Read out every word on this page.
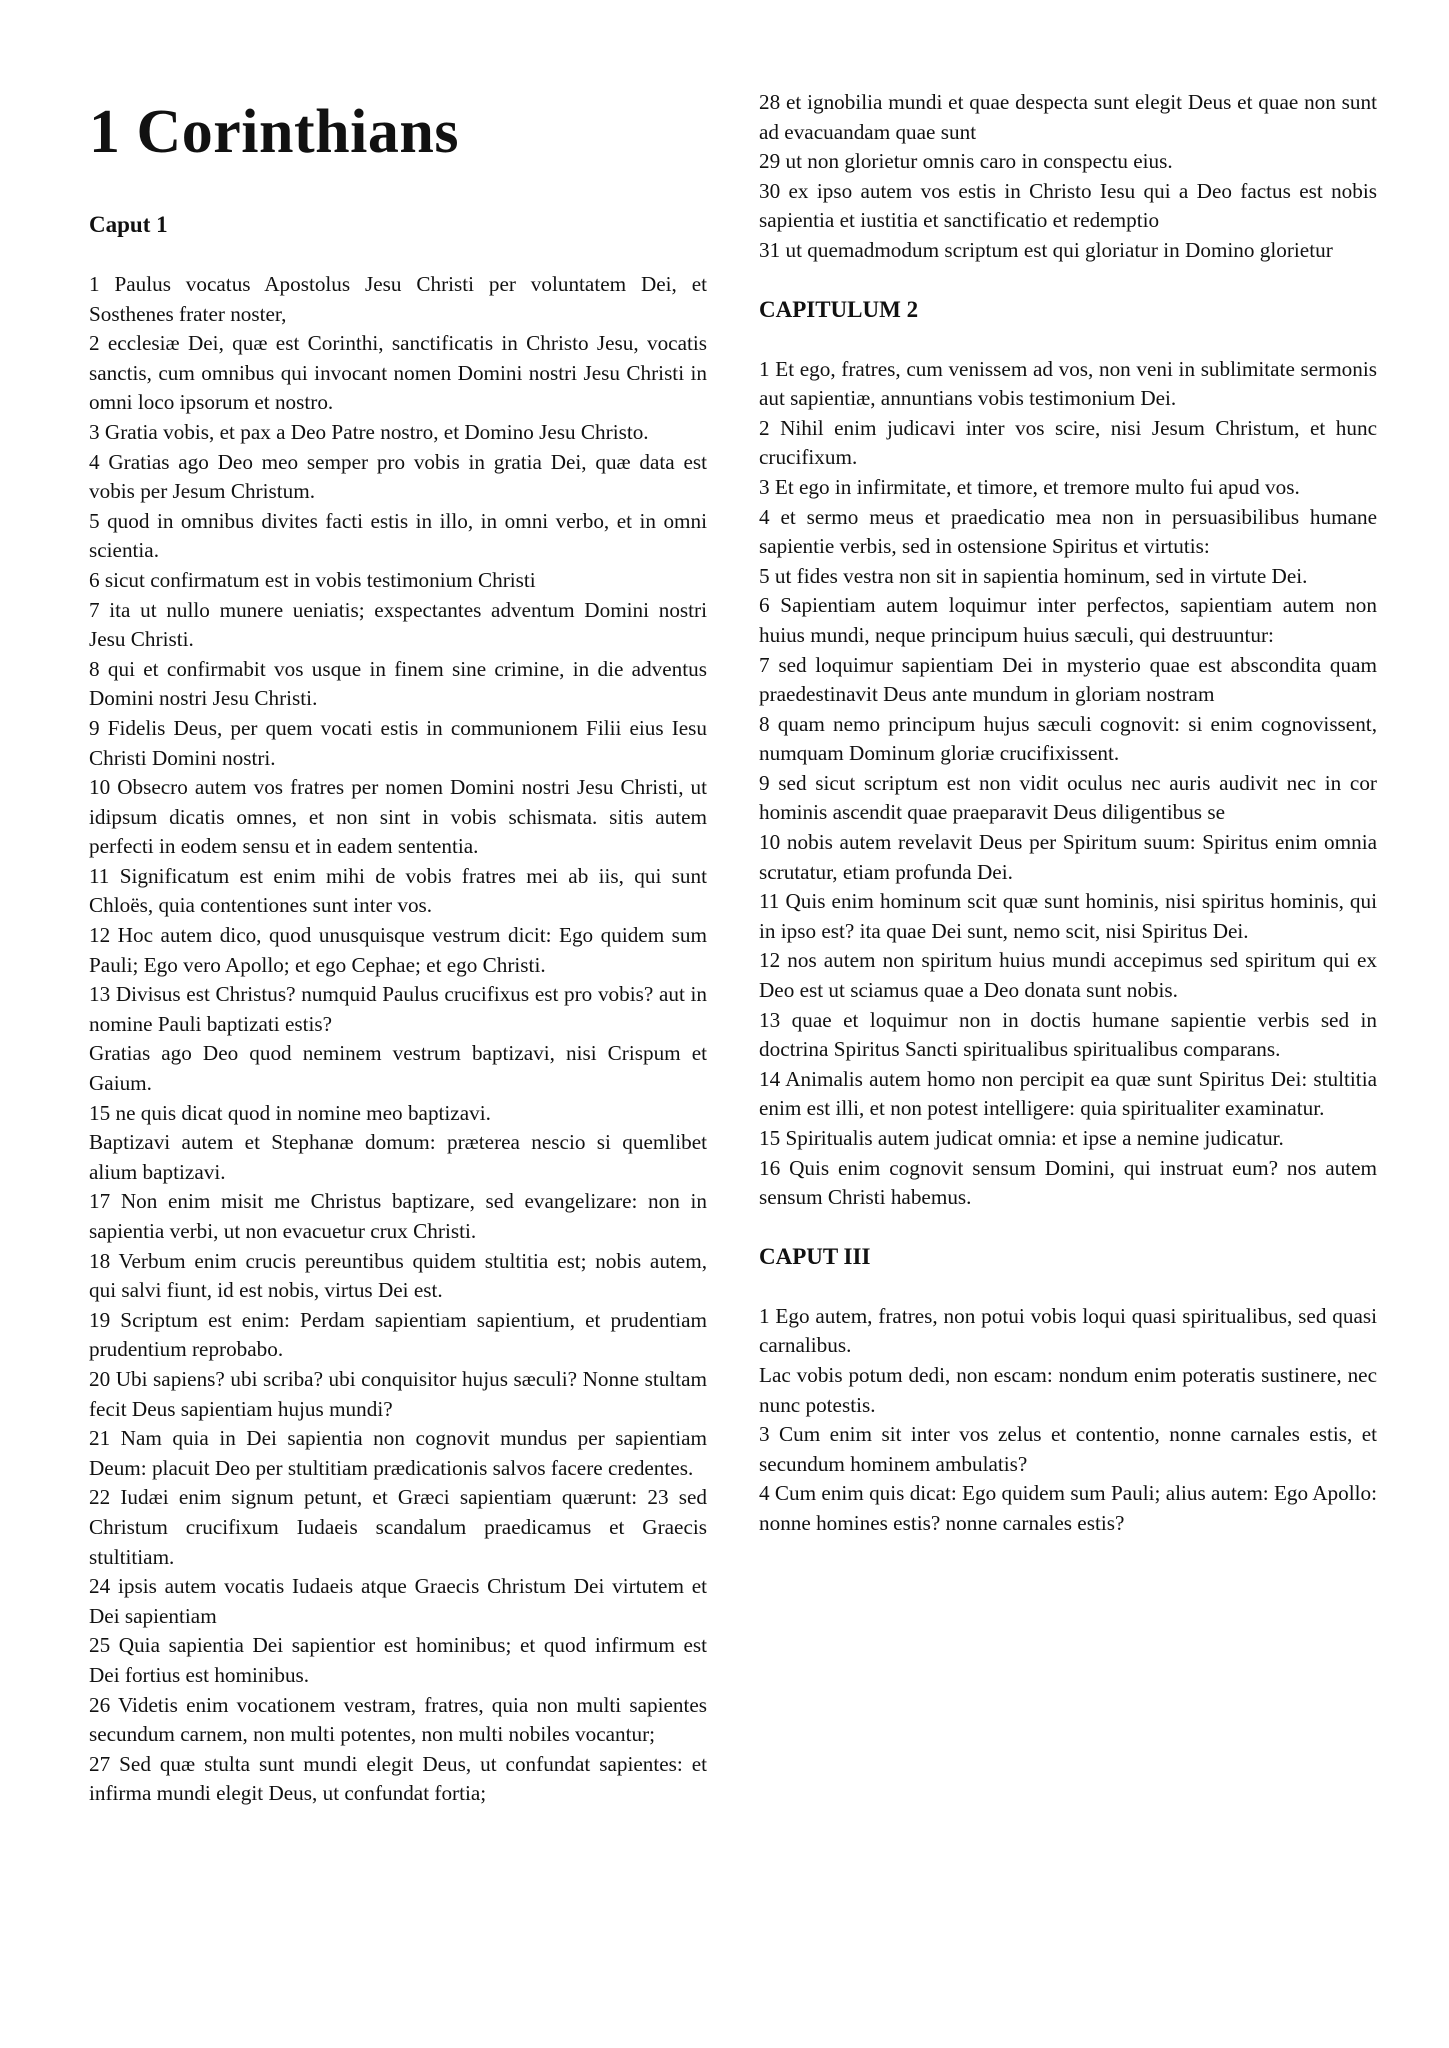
1 Corinthians
Caput 1

1 Paulus vocatus Apostolus Jesu Christi per voluntatem Dei, et Sosthenes frater noster,

2 ecclesiæ Dei, quæ est Corinthi, sanctificatis in Christo Jesu, vocatis sanctis, cum omnibus qui invocant nomen Domini nostri Jesu Christi in omni loco ipsorum et nostro.

3 Gratia vobis, et pax a Deo Patre nostro, et Domino Jesu Christo.

4 Gratias ago Deo meo semper pro vobis in gratia Dei, quæ data est vobis per Jesum Christum.

5 quod in omnibus divites facti estis in illo, in omni verbo, et in omni scientia.

6 sicut confirmatum est in vobis testimonium Christi

7 ita ut nullo munere ueniatis; exspectantes adventum Domini nostri Jesu Christi.

8 qui et confirmabit vos usque in finem sine crimine, in die adventus Domini nostri Jesu Christi.

9 Fidelis Deus, per quem vocati estis in communionem Filii eius Iesu Christi Domini nostri.

10 Obsecro autem vos fratres per nomen Domini nostri Jesu Christi, ut idipsum dicatis omnes, et non sint in vobis schismata. sitis autem perfecti in eodem sensu et in eadem sententia.

11 Significatum est enim mihi de vobis fratres mei ab iis, qui sunt Chloës, quia contentiones sunt inter vos.

12 Hoc autem dico, quod unusquisque vestrum dicit: Ego quidem sum Pauli; Ego vero Apollo; et ego Cephae; et ego Christi.

13 Divisus est Christus? numquid Paulus crucifixus est pro vobis? aut in nomine Pauli baptizati estis?

Gratias ago Deo quod neminem vestrum baptizavi, nisi Crispum et Gaium.

15 ne quis dicat quod in nomine meo baptizavi.

Baptizavi autem et Stephanæ domum: præterea nescio si quemlibet alium baptizavi.

17 Non enim misit me Christus baptizare, sed evangelizare: non in sapientia verbi, ut non evacuetur crux Christi.

18 Verbum enim crucis pereuntibus quidem stultitia est; nobis autem, qui salvi fiunt, id est nobis, virtus Dei est.

19 Scriptum est enim: Perdam sapientiam sapientium, et prudentiam prudentium reprobabo.

20 Ubi sapiens? ubi scriba? ubi conquisitor hujus sæculi? Nonne stultam fecit Deus sapientiam hujus mundi?

21 Nam quia in Dei sapientia non cognovit mundus per sapientiam Deum: placuit Deo per stultitiam prædicationis salvos facere credentes.

22 Iudæi enim signum petunt, et Græci sapientiam quærunt: 23 sed Christum crucifixum Iudaeis scandalum praedicamus et Graecis stultitiam.

24 ipsis autem vocatis Iudaeis atque Graecis Christum Dei virtutem et Dei sapientiam

25 Quia sapientia Dei sapientior est hominibus; et quod infirmum est Dei fortius est hominibus.

26 Videtis enim vocationem vestram, fratres, quia non multi sapientes secundum carnem, non multi potentes, non multi nobiles vocantur;

27 Sed quæ stulta sunt mundi elegit Deus, ut confundat sapientes: et infirma mundi elegit Deus, ut confundat fortia;

28 et ignobilia mundi et quae despecta sunt elegit Deus et quae non sunt ad evacuandam quae sunt

29 ut non glorietur omnis caro in conspectu eius.

30 ex ipso autem vos estis in Christo Iesu qui a Deo factus est nobis sapientia et iustitia et sanctificatio et redemptio

31 ut quemadmodum scriptum est qui gloriatur in Domino glorietur

CAPITULUM 2

1 Et ego, fratres, cum venissem ad vos, non veni in sublimitate sermonis aut sapientiæ, annuntians vobis testimonium Dei.

2 Nihil enim judicavi inter vos scire, nisi Jesum Christum, et hunc crucifixum.

3 Et ego in infirmitate, et timore, et tremore multo fui apud vos.

4 et sermo meus et praedicatio mea non in persuasibilibus humane sapientie verbis, sed in ostensione Spiritus et virtutis:

5 ut fides vestra non sit in sapientia hominum, sed in virtute Dei.

6 Sapientiam autem loquimur inter perfectos, sapientiam autem non huius mundi, neque principum huius sæculi, qui destruuntur:

7 sed loquimur sapientiam Dei in mysterio quae est abscondita quam praedestinavit Deus ante mundum in gloriam nostram

8 quam nemo principum hujus sæculi cognovit: si enim cognovissent, numquam Dominum gloriæ crucifixissent.

9 sed sicut scriptum est non vidit oculus nec auris audivit nec in cor hominis ascendit quae praeparavit Deus diligentibus se

10 nobis autem revelavit Deus per Spiritum suum: Spiritus enim omnia scrutatur, etiam profunda Dei.

11 Quis enim hominum scit quæ sunt hominis, nisi spiritus hominis, qui in ipso est? ita quae Dei sunt, nemo scit, nisi Spiritus Dei.

12 nos autem non spiritum huius mundi accepimus sed spiritum qui ex Deo est ut sciamus quae a Deo donata sunt nobis.

13 quae et loquimur non in doctis humane sapientie verbis sed in doctrina Spiritus Sancti spiritualibus spiritualibus comparans.

14 Animalis autem homo non percipit ea quæ sunt Spiritus Dei: stultitia enim est illi, et non potest intelligere: quia spiritualiter examinatur.

15 Spiritualis autem judicat omnia: et ipse a nemine judicatur.

16 Quis enim cognovit sensum Domini, qui instruat eum? nos autem sensum Christi habemus.

CAPUT III

1 Ego autem, fratres, non potui vobis loqui quasi spiritualibus, sed quasi carnalibus.

Lac vobis potum dedi, non escam: nondum enim poteratis sustinere, nec nunc potestis.

3 Cum enim sit inter vos zelus et contentio, nonne carnales estis, et secundum hominem ambulatis?

4 Cum enim quis dicat: Ego quidem sum Pauli; alius autem: Ego Apollo: nonne homines estis? nonne carnales estis?
